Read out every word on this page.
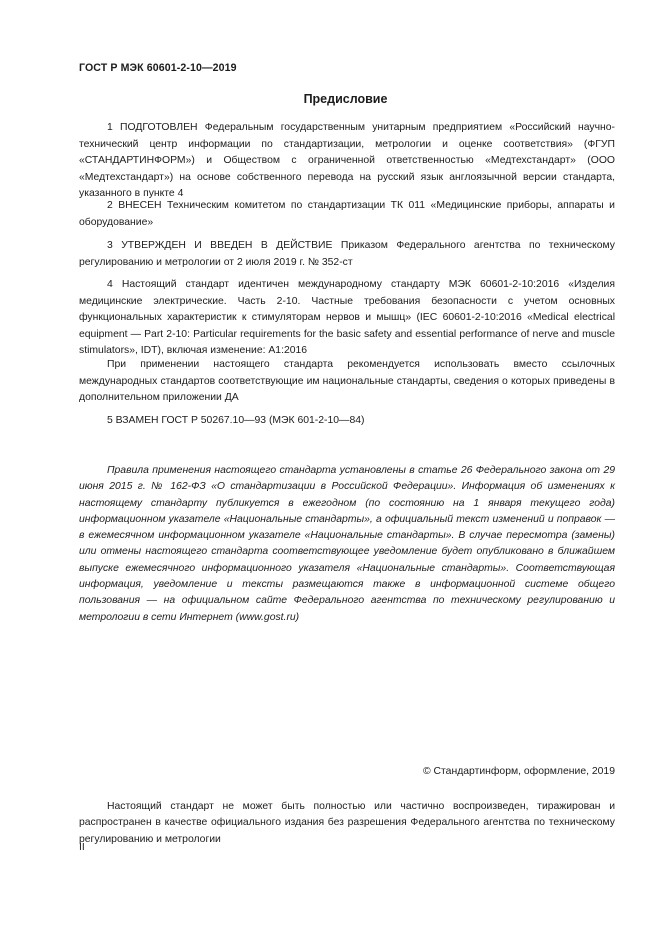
ГОСТ Р МЭК 60601-2-10—2019
Предисловие

1 ПОДГОТОВЛЕН Федеральным государственным унитарным предприятием «Российский научно-технический центр информации по стандартизации, метрологии и оценке соответствия» (ФГУП «СТАНДАРТИНФОРМ») и Обществом с ограниченной ответственностью «Медтехстандарт» (ООО «Медтехстандарт») на основе собственного перевода на русский язык англоязычной версии стандарта, указанного в пункте 4

2 ВНЕСЕН Техническим комитетом по стандартизации ТК 011 «Медицинские приборы, аппараты и оборудование»

3 УТВЕРЖДЕН И ВВЕДЕН В ДЕЙСТВИЕ Приказом Федерального агентства по техническому регулированию и метрологии от 2 июля 2019 г. № 352-ст

4 Настоящий стандарт идентичен международному стандарту МЭК 60601-2-10:2016 «Изделия медицинские электрические. Часть 2-10. Частные требования безопасности с учетом основных функциональных характеристик к стимуляторам нервов и мышц» (IEC 60601-2-10:2016 «Medical electrical equipment — Part 2-10: Particular requirements for the basic safety and essential performance of nerve and muscle stimulators», IDT), включая изменение: A1:2016

При применении настоящего стандарта рекомендуется использовать вместо ссылочных международных стандартов соответствующие им национальные стандарты, сведения о которых приведены в дополнительном приложении ДА

5 ВЗАМЕН ГОСТ Р 50267.10—93 (МЭК 601-2-10—84)

Правила применения настоящего стандарта установлены в статье 26 Федерального закона от 29 июня 2015 г. № 162-ФЗ «О стандартизации в Российской Федерации». Информация об изменениях к настоящему стандарту публикуется в ежегодном (по состоянию на 1 января текущего года) информационном указателе «Национальные стандарты», а официальный текст изменений и поправок — в ежемесячном информационном указателе «Национальные стандарты». В случае пересмотра (замены) или отмены настоящего стандарта соответствующее уведомление будет опубликовано в ближайшем выпуске ежемесячного информационного указателя «Национальные стандарты». Соответствующая информация, уведомление и тексты размещаются также в информационной системе общего пользования — на официальном сайте Федерального агентства по техническому регулированию и метрологии в сети Интернет (www.gost.ru)

© Стандартинформ, оформление, 2019

Настоящий стандарт не может быть полностью или частично воспроизведен, тиражирован и распространен в качестве официального издания без разрешения Федерального агентства по техническому регулированию и метрологии

II
